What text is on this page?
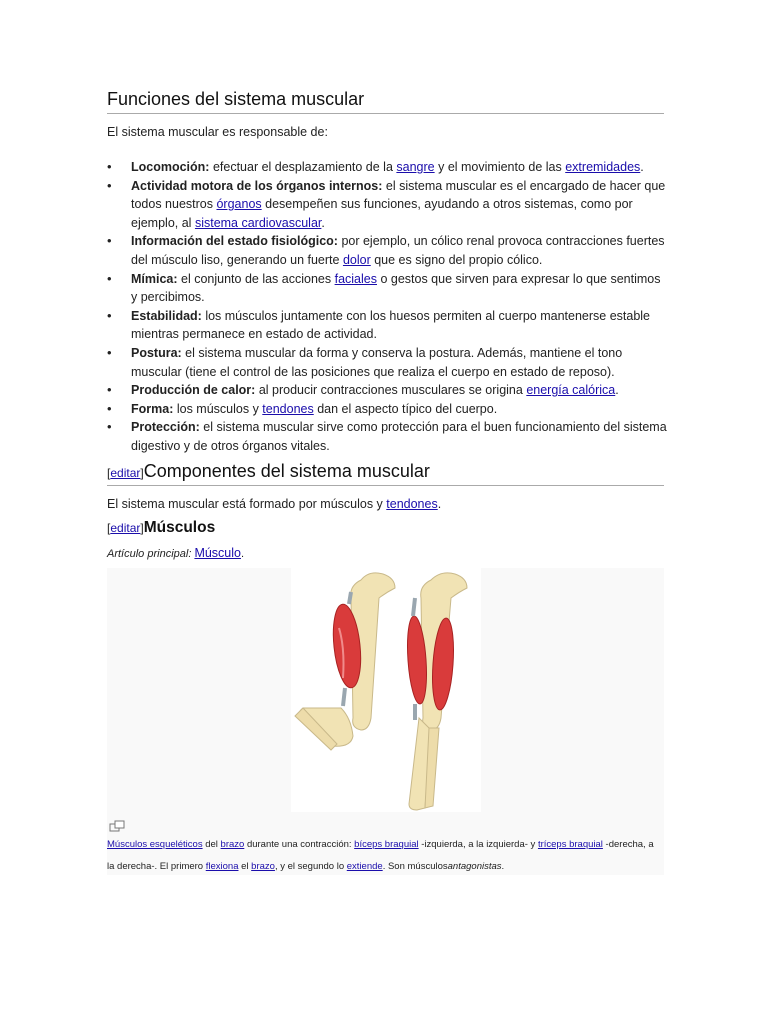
Funciones del sistema muscular
El sistema muscular es responsable de:
• Locomoción: efectuar el desplazamiento de la sangre y el movimiento de las extremidades.
• Actividad motora de los órganos internos: el sistema muscular es el encargado de hacer que todos nuestros órganos desempeñen sus funciones, ayudando a otros sistemas, como por ejemplo, al sistema cardiovascular.
• Información del estado fisiológico: por ejemplo, un cólico renal provoca contracciones fuertes del músculo liso, generando un fuerte dolor que es signo del propio cólico.
• Mímica: el conjunto de las acciones faciales o gestos que sirven para expresar lo que sentimos y percibimos.
• Estabilidad: los músculos juntamente con los huesos permiten al cuerpo mantenerse estable mientras permanece en estado de actividad.
• Postura: el sistema muscular da forma y conserva la postura. Además, mantiene el tono muscular (tiene el control de las posiciones que realiza el cuerpo en estado de reposo).
• Producción de calor: al producir contracciones musculares se origina energía calórica.
• Forma: los músculos y tendones dan el aspecto típico del cuerpo.
• Protección: el sistema muscular sirve como protección para el buen funcionamiento del sistema digestivo y de otros órganos vitales.
[editar]Componentes del sistema muscular
El sistema muscular está formado por músculos y tendones.
[editar]Músculos
Artículo principal: Músculo.
Músculos esqueléticos del brazo durante una contracción: bíceps braquial -izquierda, a la izquierda- y tríceps braquial -derecha, a la derecha-. El primero flexiona el brazo, y el segundo lo extiende. Son músculosantagonistas.
